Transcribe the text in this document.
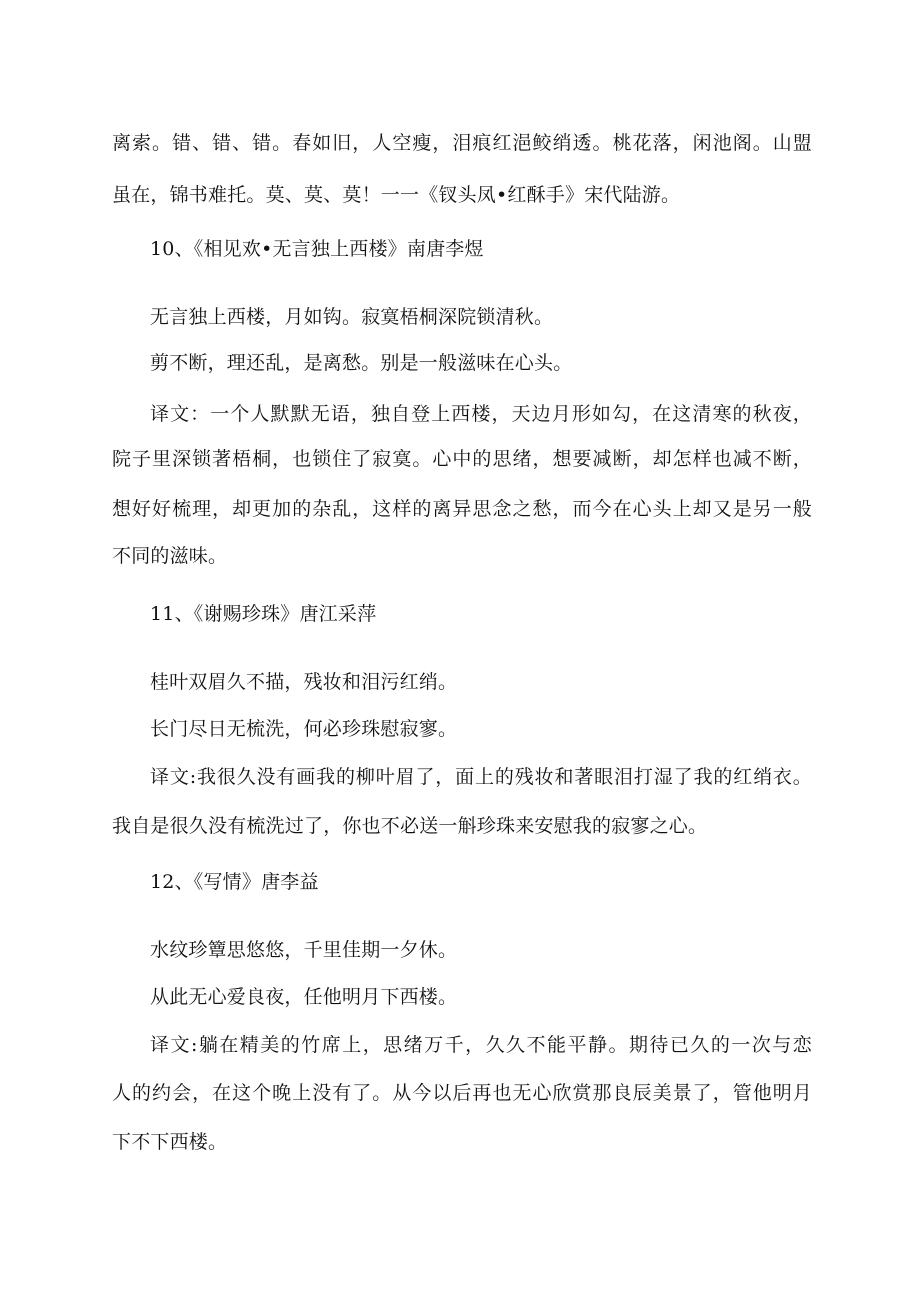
离索。错、错、错。春如旧，人空瘦，泪痕红浥鲛绡透。桃花落，闲池阁。山盟
虽在，锦书难托。莫、莫、莫！一一《钗头凤•红酥手》宋代陆游。
10、《相见欢•无言独上西楼》南唐李煜
无言独上西楼，月如钩。寂寞梧桐深院锁清秋。
剪不断，理还乱，是离愁。别是一般滋味在心头。
译文：一个人默默无语，独自登上西楼，天边月形如勾，在这清寒的秋夜，
院子里深锁著梧桐，也锁住了寂寞。心中的思绪，想要减断，却怎样也减不断，
想好好梳理，却更加的杂乱，这样的离异思念之愁，而今在心头上却又是另一般
不同的滋味。
11、《谢赐珍珠》唐江采萍
桂叶双眉久不描，残妆和泪污红绡。
长门尽日无梳洗，何必珍珠慰寂寥。
译文:我很久没有画我的柳叶眉了，面上的残妆和著眼泪打湿了我的红绡衣。
我自是很久没有梳洗过了，你也不必送一斛珍珠来安慰我的寂寥之心。
12、《写情》唐李益
水纹珍簟思悠悠，千里佳期一夕休。
从此无心爱良夜，任他明月下西楼。
译文:躺在精美的竹席上，思绪万千，久久不能平静。期待已久的一次与恋
人的约会，在这个晚上没有了。从今以后再也无心欣赏那良辰美景了，管他明月
下不下西楼。
